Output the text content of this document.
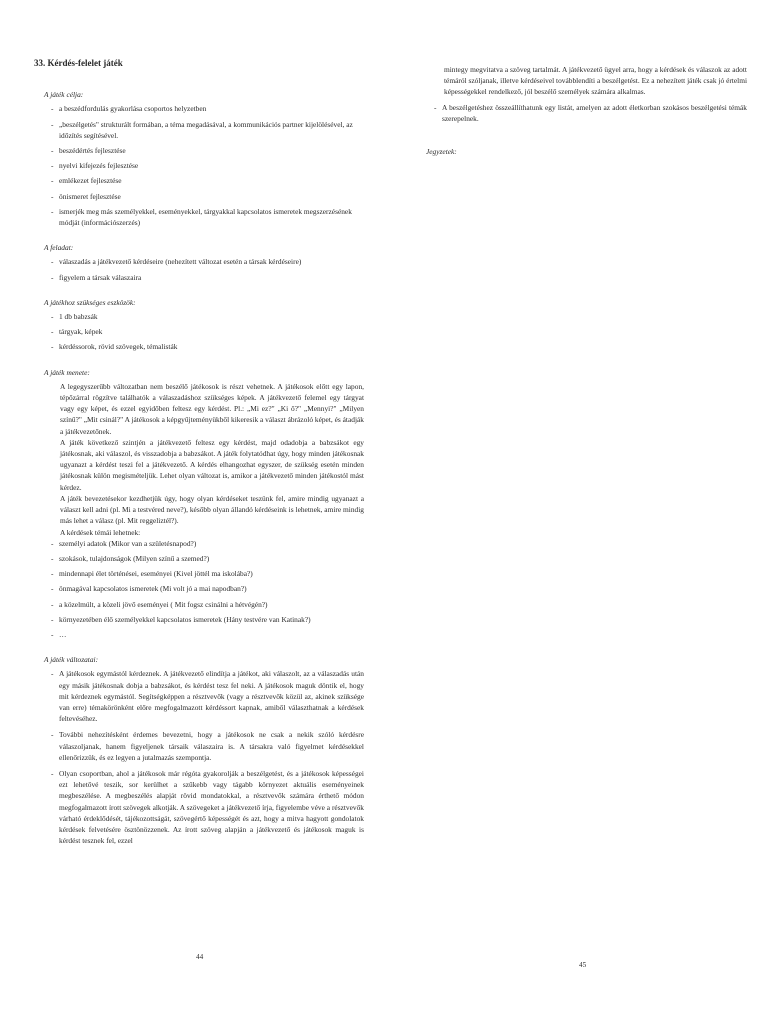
33. Kérdés-felelet játék
A játék célja:
- a beszédfordulás gyakorlása csoportos helyzetben
- „beszélgetés" strukturált formában, a téma megadásával, a kommunikációs partner kijelölésével, az időzítés segítésével.
- beszédértés fejlesztése
- nyelvi kifejezés fejlesztése
- emlékezet fejlesztése
- önismeret fejlesztése
- ismerjék meg más személyekkel, eseményekkel, tárgyakkal kapcsolatos ismeretek megszerzésének módját (információszerzés)
A feladat:
- válaszadás a játékvezető kérdéseire (nehezített változat esetén a társak kérdéseire)
- figyelem a társak válaszaira
A játékhoz szükséges eszközök:
- 1 db babzsák
- tárgyak, képek
- kérdéssorok, rövid szövegek, témalisták
A játék menete:

A legegyszerűbb változatban nem beszélő játékosok is részt vehetnek. A játékosok előtt egy lapon, tépőzárral rögzítve találhatók a válaszadáshoz szükséges képek. A játékvezető felemel egy tárgyat vagy egy képet, és ezzel egyidőben feltesz egy kérdést. Pl.: „Mi ez?" „Ki ő?" „Mennyi?" „Milyen színű?" „Mit csinál?" A játékosok a képgyűjteményükből kikeresik a választ ábrázoló képet, és átadják a játékvezetőnek.

A játék következő szintjén a játékvezető feltesz egy kérdést, majd odadobja a babzsákot egy játékosnak, aki válaszol, és visszadobja a babzsákot. A játék folytatódhat úgy, hogy minden játékosnak ugyanazt a kérdést teszi fel a játékvezető. A kérdés elhangozhat egyszer, de szükség esetén minden játékosnak külön megismételjük. Lehet olyan változat is, amikor a játékvezető minden játékostól mást kérdez.

A játék bevezetésekor kezdhetjük úgy, hogy olyan kérdéseket teszünk fel, amire mindig ugyanazt a választ kell adni (pl. Mi a testvéred neve?), később olyan állandó kérdéseink is lehetnek, amire mindig más lehet a válasz (pl. Mit reggeliztél?).

A kérdések témái lehetnek:

- személyi adatok (Mikor van a születésnapod?)
- szokások, tulajdonságok (Milyen színű a szemed?)
- mindennapi élet történései, eseményei (Kivel jöttél ma iskolába?)
- önmagával kapcsolatos ismeretek (Mi volt jó a mai napodban?)
- a közelmúlt, a közeli jövő eseményei ( Mit fogsz csinálni a hétvégén?)
- környezetében élő személyekkel kapcsolatos ismeretek (Hány testvére van Katinak?)
- …
A játék változatai:
- A játékosok egymástól kérdeznek. A játékvezető elindítja a játékot, aki válaszolt, az a válaszadás után egy másik játékosnak dobja a babzsákot, és kérdést tesz fel neki. A játékosok maguk döntik el, hogy mit kérdeznek egymástól. Segítségképpen a résztvevők (vagy a résztvevők közül az, akinek szüksége van erre) témakörönként előre megfogalmazott kérdéssort kapnak, amiből választhatnak a kérdések feltevéséhez.
- További nehezítésként érdemes bevezetni, hogy a játékosok ne csak a nekik szóló kérdésre válaszoljanak, hanem figyeljenek társaik válaszaira is. A társakra való figyelmet kérdésekkel ellenőrizzük, és ez legyen a jutalmazás szempontja.
- Olyan csoportban, ahol a játékosok már régóta gyakorolják a beszélgetést, és a játékosok képességei ezt lehetővé teszik, sor kerülhet a szűkebb vagy tágabb környezet aktuális eseményeinek megbeszélése. A megbeszélés alapját rövid mondatokkal, a résztvevők számára érthető módon megfogalmazott írott szövegek alkotják. A szövegeket a játékvezető írja, figyelembe véve a résztvevők várható érdeklődését, tájékozottságát, szövegértő képességét és azt, hogy a mitva hagyott gondolatok kérdések felvetésére ösztönözzenek. Az írott szöveg alapján a játékvezető és játékosok maguk is kérdést tesznek fel, ezzel
44

mintegy megvitatva a szöveg tartalmát. A játékvezető ügyel arra, hogy a kérdések és válaszok az adott témáról szóljanak, illetve kérdéseivel továbblendíti a beszélgetést. Ez a nehezített játék csak jó értelmi képességekkel rendelkező, jól beszélő személyek számára alkalmas.

- A beszélgetéshez összeállíthatunk egy listát, amelyen az adott életkorban szokásos beszélgetési témák szerepelnek.
Jegyzetek:
45
